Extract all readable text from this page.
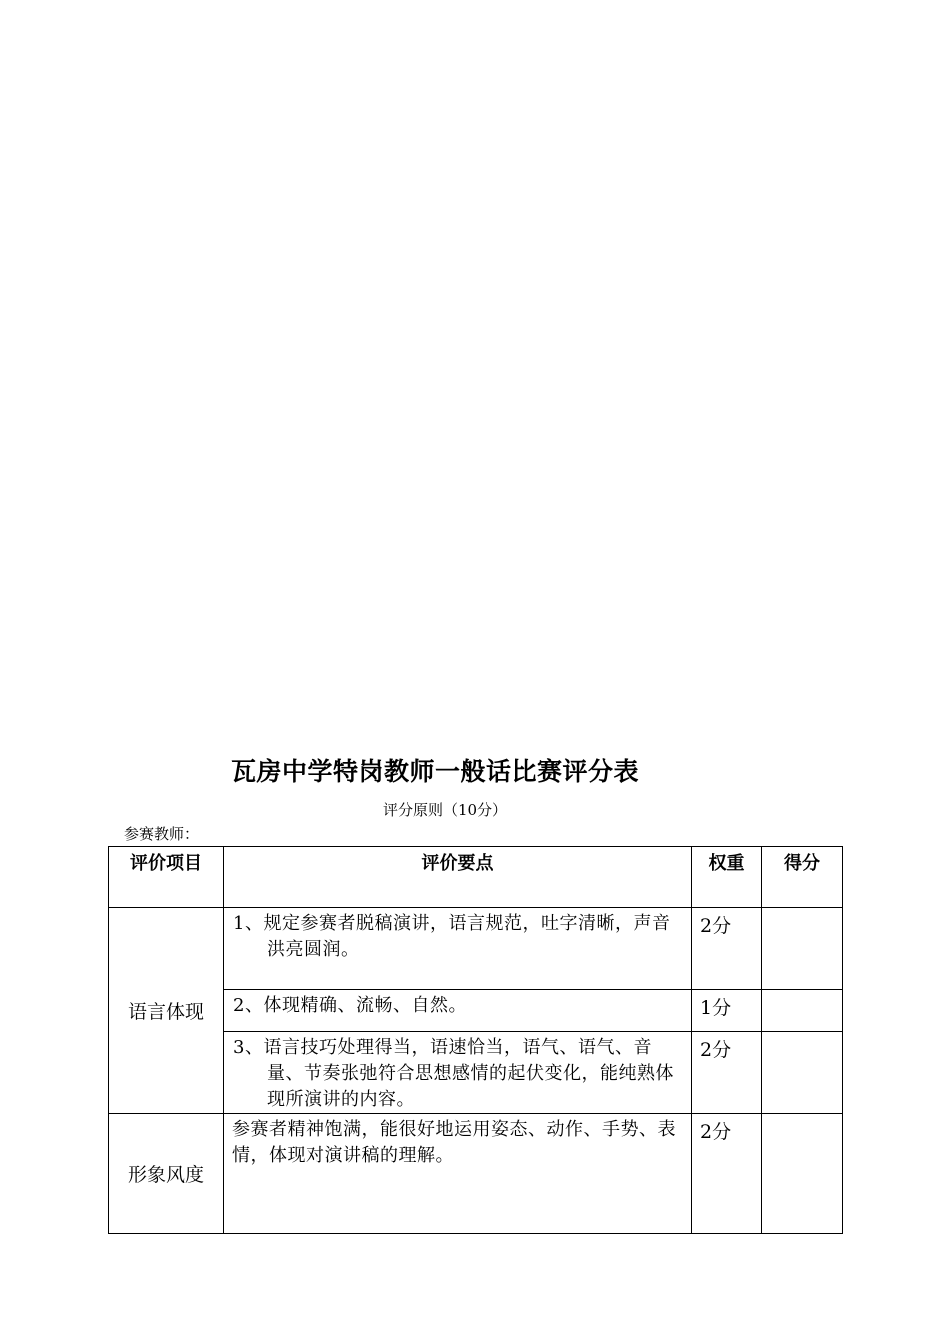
瓦房中学特岗教师一般话比赛评分表
评分原则（10分）
参赛教师：
评价项目	评价要点	权重	得分
语言体现	1、规定参赛者脱稿演讲，语言规范，吐字清晰，声音洪亮圆润。	2分	
	2、体现精确、流畅、自然。	1分	
	3、语言技巧处理得当，语速恰当，语气、语气、音量、节奏张弛符合思想感情的起伏变化，能纯熟体现所演讲的内容。	2分	
形象风度	参赛者精神饱满，能很好地运用姿态、动作、手势、表情，体现对演讲稿的理解。	2分	
